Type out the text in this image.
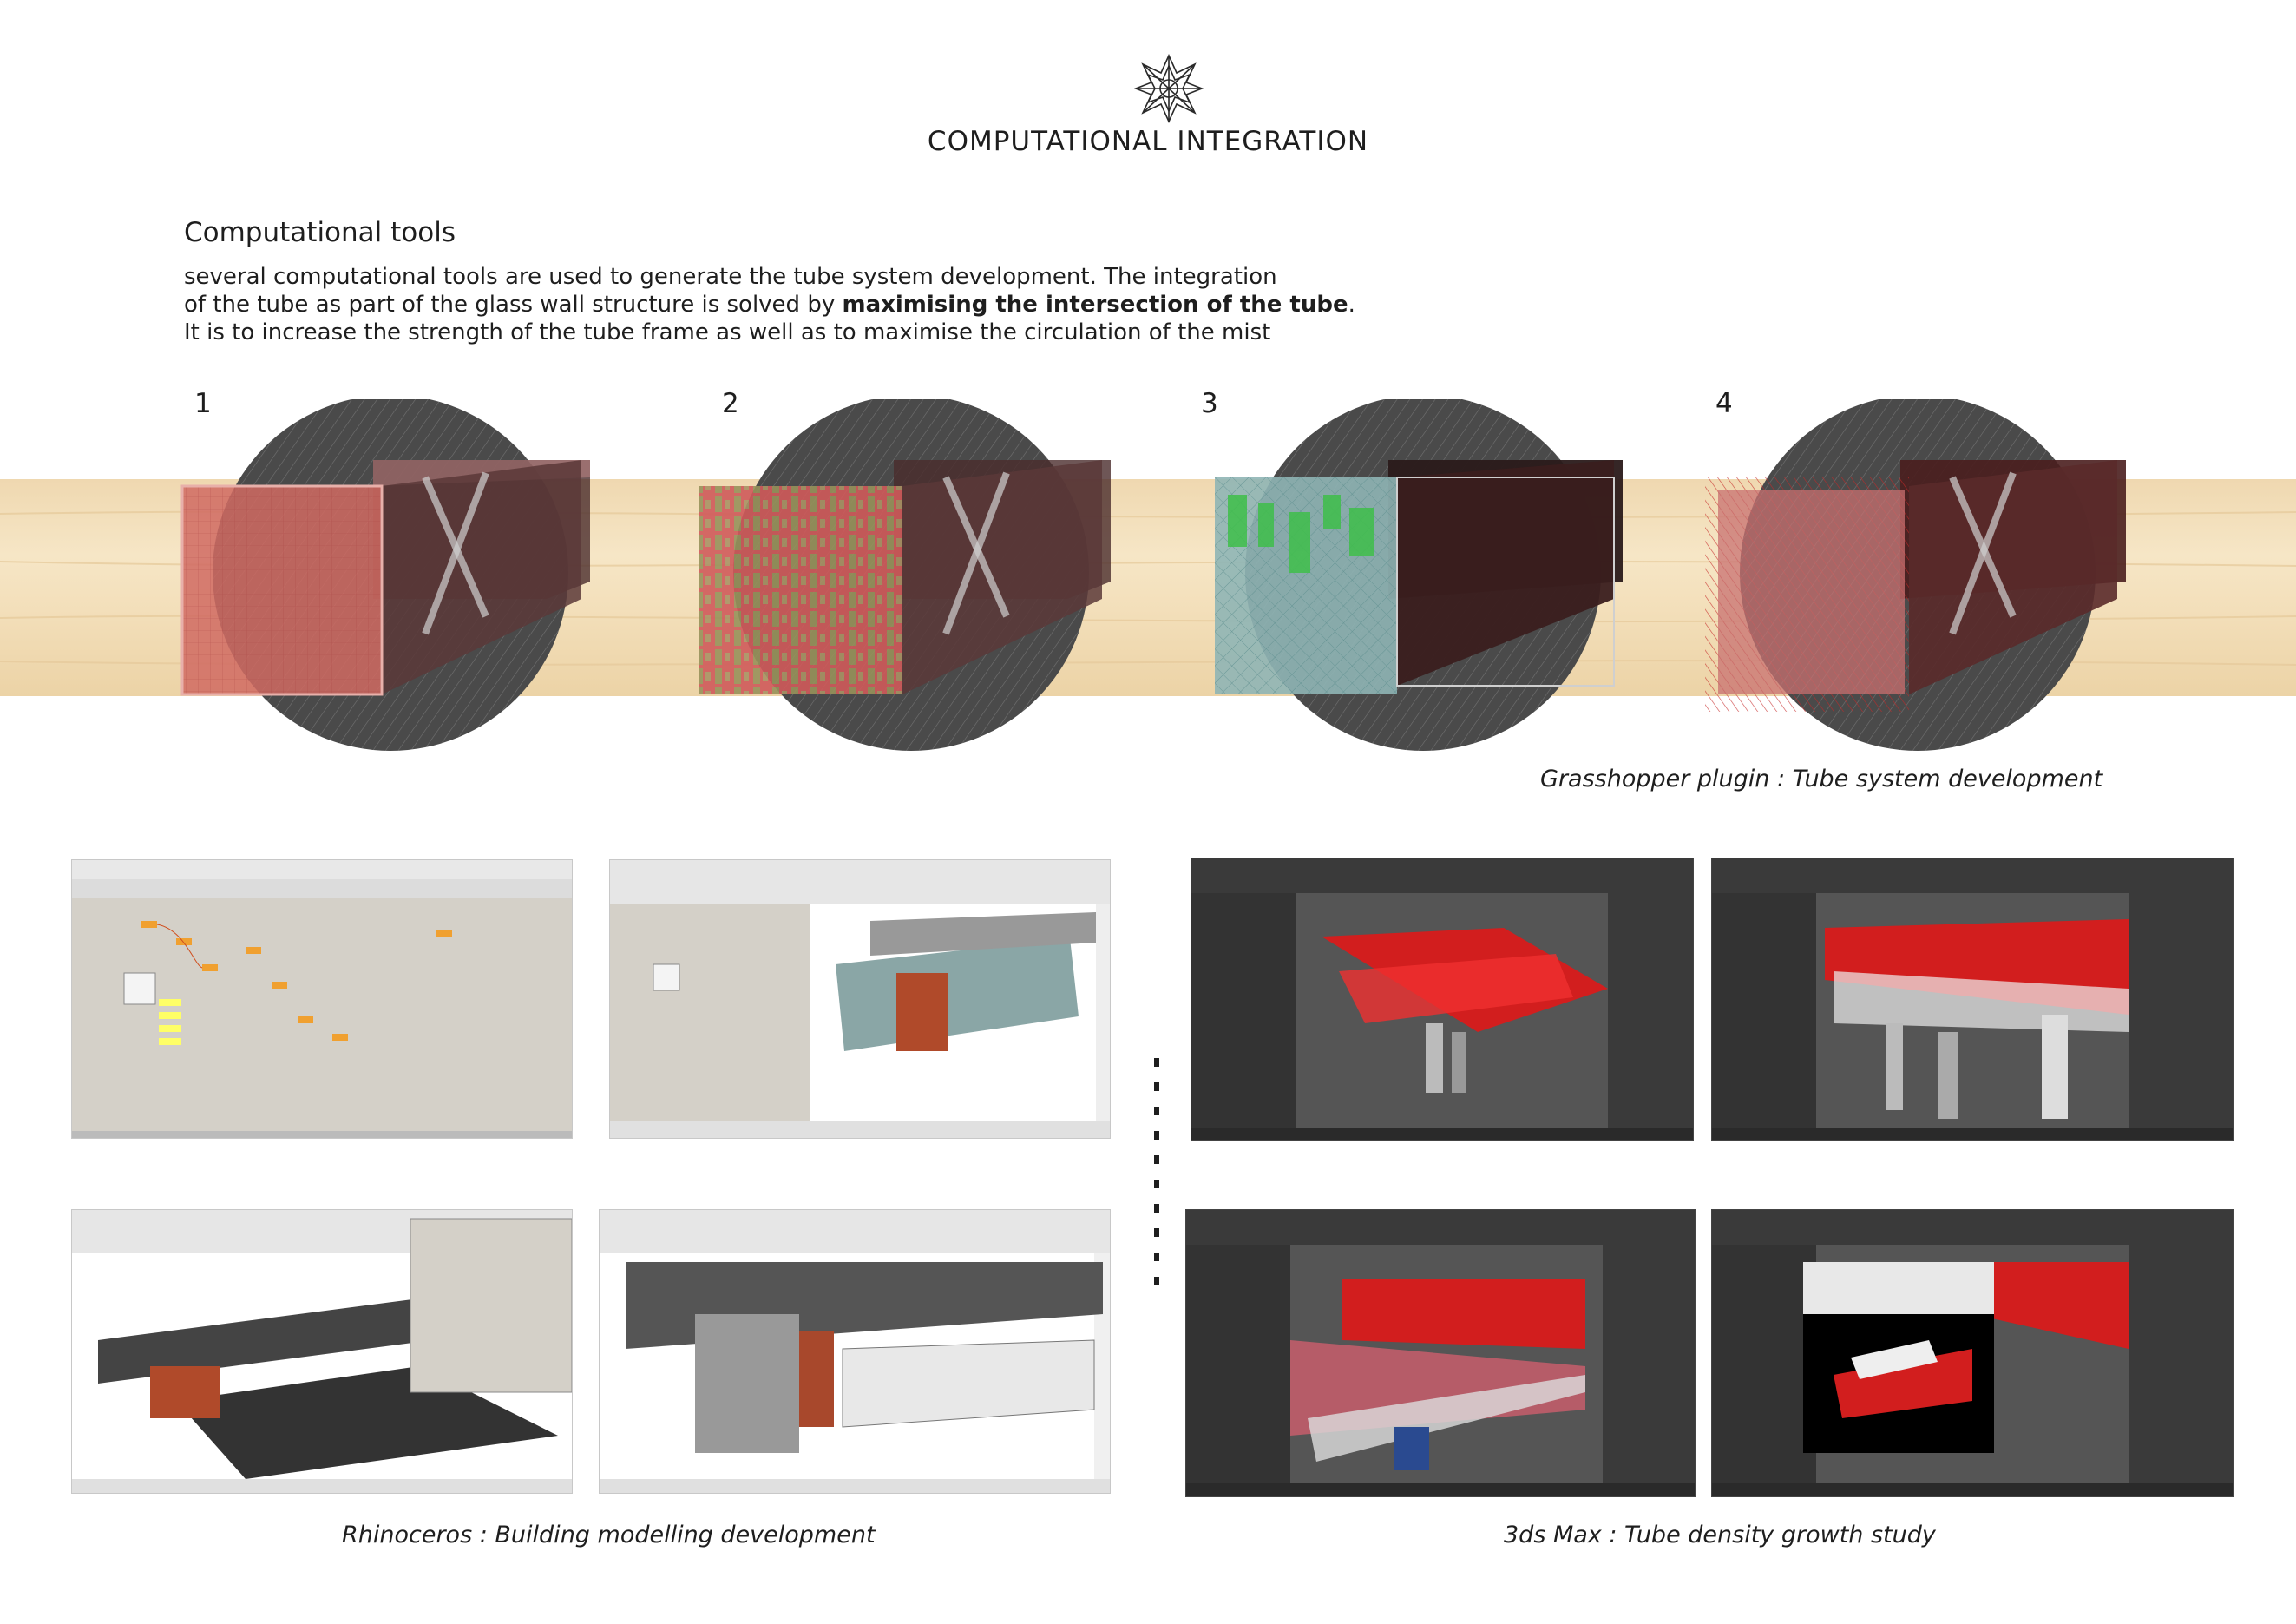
COMPUTATIONAL INTEGRATION
Computational tools
several computational tools are used to generate the tube system development. The integration
of the tube as part of the glass wall structure is solved by maximising the intersection of the tube.
It is to increase the strength of the tube frame as well as to maximise the circulation of the mist
1	2	3	4
Grasshopper plugin : Tube system development
Rhinoceros : Building modelling development	3ds Max : Tube density growth study
